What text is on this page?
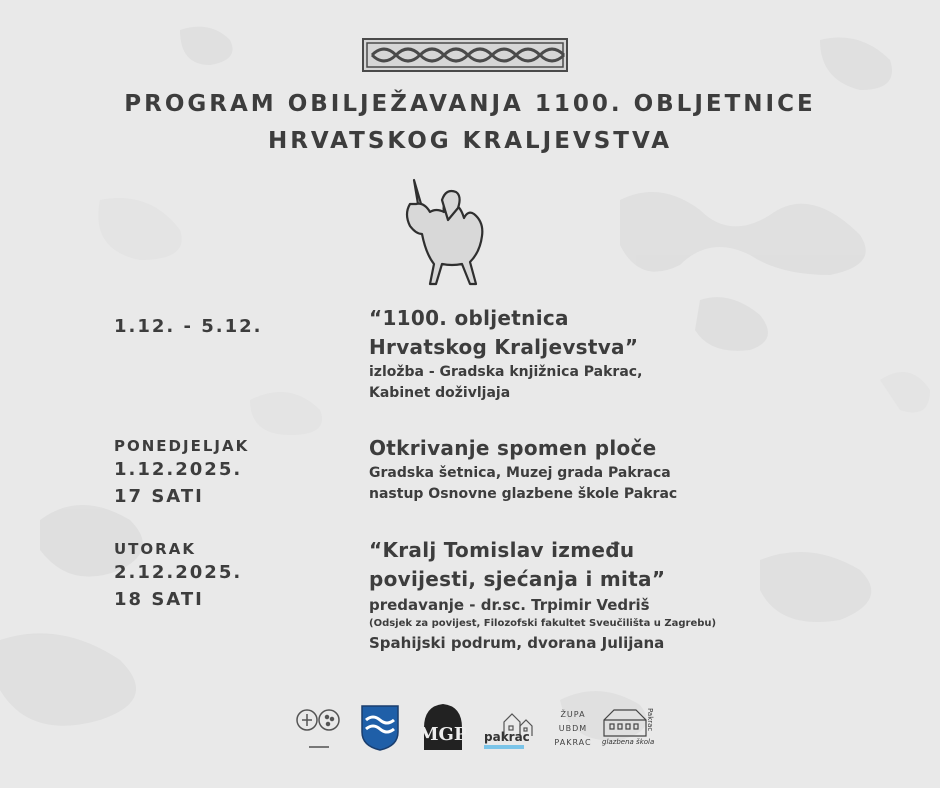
PROGRAM OBILJEŽAVANJA 1100. OBLJETNICE
HRVATSKOG KRALJEVSTVA
1.12. - 5.12.	“1100. obljetnica
Hrvatskog Kraljevstva”
izložba - Gradska knjižnica Pakrac,
Kabinet doživljaja
PONEDJELJAK
1.12.2025.
17 SATI
Otkrivanje spomen ploče
Gradska šetnica, Muzej grada Pakraca
nastup Osnovne glazbene škole Pakrac
UTORAK
2.12.2025.
18 SATI
“Kralj Tomislav između
povijesti, sjećanja i mita”
predavanje - dr.sc. Trpimir Vedriš
(Odsjek za povijest, Filozofski fakultet Sveučilišta u Zagrebu)
Spahijski podrum, dvorana Julijana
MGP pakrac
ŽUPA
UBDM
PAKRAC	glazbena škola
Pakrac
